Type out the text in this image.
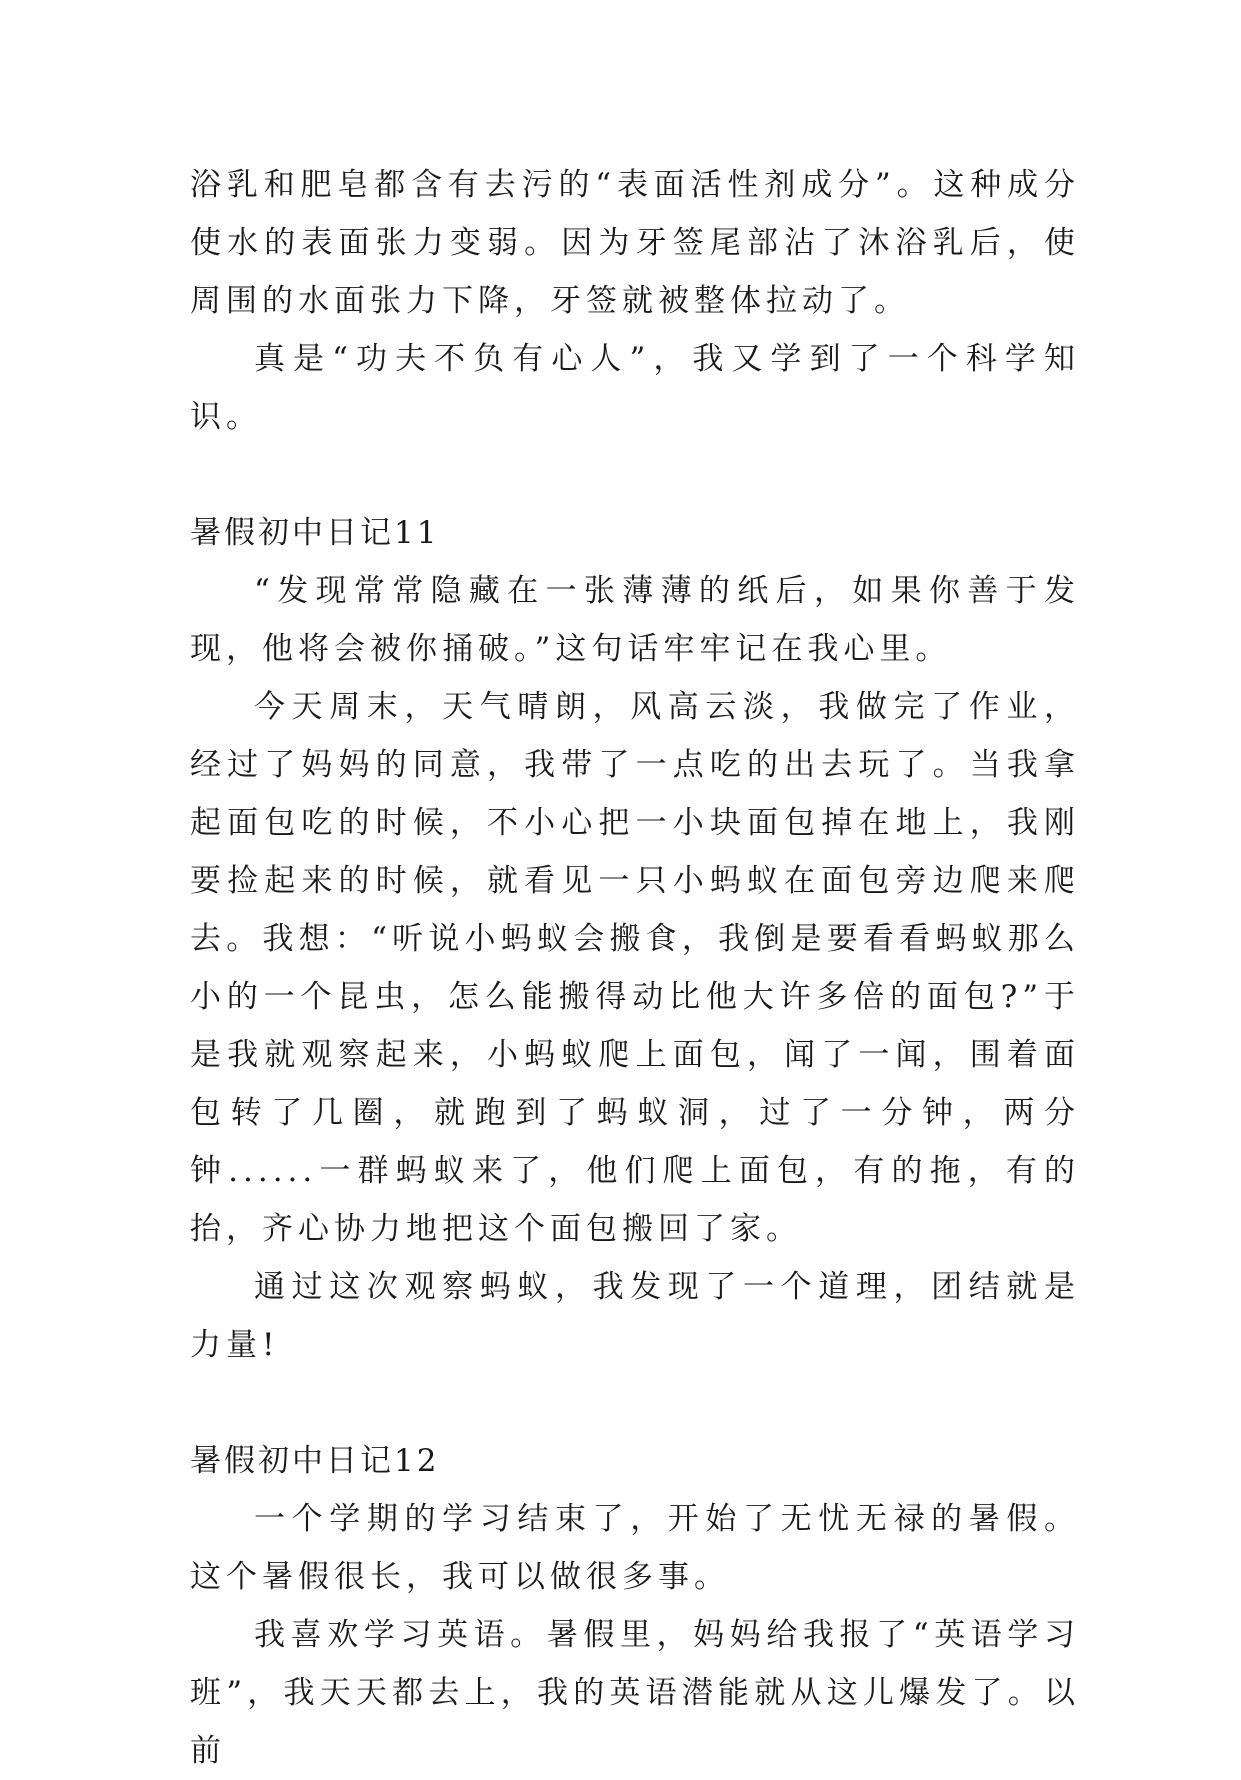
浴乳和肥皂都含有去污的“表面活性剂成分”。这种成分使水的表面张力变弱。因为牙签尾部沾了沐浴乳后，使周围的水面张力下降，牙签就被整体拉动了。

真是“功夫不负有心人”，我又学到了一个科学知识。

暑假初中日记11

“发现常常隐藏在一张薄薄的纸后，如果你善于发现，他将会被你捅破。”这句话牢牢记在我心里。

今天周末，天气晴朗，风高云淡，我做完了作业，经过了妈妈的同意，我带了一点吃的出去玩了。当我拿起面包吃的时候，不小心把一小块面包掉在地上，我刚要捡起来的时候，就看见一只小蚂蚁在面包旁边爬来爬去。我想：“听说小蚂蚁会搬食，我倒是要看看蚂蚁那么小的一个昆虫，怎么能搬得动比他大许多倍的面包?”于是我就观察起来，小蚂蚁爬上面包，闻了一闻，围着面包转了几圈，就跑到了蚂蚁洞，过了一分钟，两分钟......一群蚂蚁来了，他们爬上面包，有的拖，有的抬，齐心协力地把这个面包搬回了家。

通过这次观察蚂蚁，我发现了一个道理，团结就是力量!

暑假初中日记12

一个学期的学习结束了，开始了无忧无禄的暑假。这个暑假很长，我可以做很多事。

我喜欢学习英语。暑假里，妈妈给我报了“英语学习班”，我天天都去上，我的英语潜能就从这儿爆发了。以前
